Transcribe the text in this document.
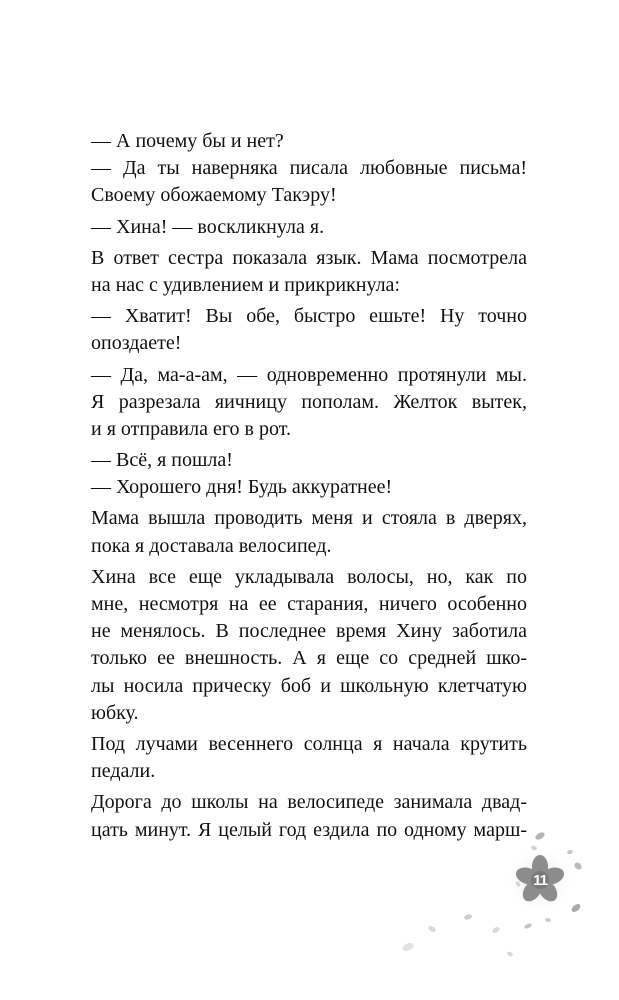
— А почему бы и нет?
— Да ты наверняка писала любовные письма!
Своему обожаемому Такэру!
— Хина! — воскликнула я.
В ответ сестра показала язык. Мама посмотрела
на нас с удивлением и прикрикнула:
— Хватит! Вы обе, быстро ешьте! Ну точно
опоздаете!
— Да, ма-а-ам, — одновременно протянули мы.
Я разрезала яичницу пополам. Желток вытек,
и я отправила его в рот.
— Всё, я пошла!
— Хорошего дня! Будь аккуратнее!
Мама вышла проводить меня и стояла в дверях,
пока я доставала велосипед.
Хина все еще укладывала волосы, но, как по
мне, несмотря на ее старания, ничего особенно
не менялось. В последнее время Хину заботила
только ее внешность. А я еще со средней шко-
лы носила прическу боб и школьную клетчатую
юбку.
Под лучами весеннего солнца я начала крутить
педали.
Дорога до школы на велосипеде занимала двад-
цать минут. Я целый год ездила по одному марш-
11
